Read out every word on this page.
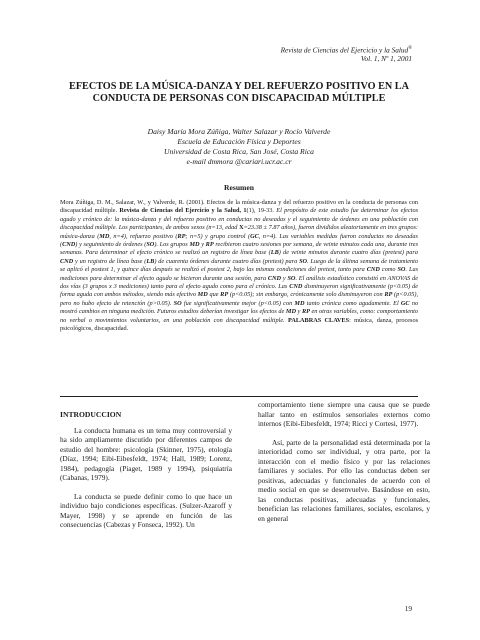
Revista de Ciencias del Ejercicio y la Salud®
Vol. 1, Nº 1, 2001
EFECTOS DE LA MÚSICA-DANZA Y DEL REFUERZO POSITIVO EN LA CONDUCTA DE PERSONAS CON DISCAPACIDAD MÚLTIPLE
Daisy María Mora Zúñiga, Walter Salazar y Rocío Valverde
Escuela de Educación Física y Deportes
Universidad de Costa Rica, San José, Costa Rica
e-mail dmmora @cariari.ucr.ac.cr
Resumen

Mora Zúñiga, D. M., Salazar, W., y Valverde, R. (2001). Efectos de la música-danza y del refuerzo positivo en la conducta de personas con discapacidad múltiple. Revista de Ciencias del Ejercicio y la Salud, 1(1), 19-33. El propósito de este estudio fue determinar los efectos agudo y crónico de: la música-danza y del refuerzo positivo en conductas no deseadas y el seguimiento de órdenes en una población con discapacidad múltiple. Los participantes, de ambos sexos (n=13, edad X=23.38 ± 7.87 años), fueron divididos aleatoriamente en tres grupos: música-danza (MD, n=4), refuerzo positivo (RP; n=5) y grupo control (GC, n=4). Las variables medidas fueron conductas no deseadas (CND) y seguimiento de órdenes (SO). Los grupos MD y RP recibieron cuatro sesiones por semana, de veinte minutos cada una, durante tres semanas. Para determinar el efecto crónico se realizó un registro de línea base (LB) de veinte minutos durante cuatro días (pretest) para CND y un registro de línea base (LB) de cuarenta órdenes durante cuatro días (pretest) para SO. Luego de la última semana de tratamiento se aplicó el postest 1, y quince días después se realizó el postest 2, bajo las mismas condiciones del pretest, tanto para CND como SO. Las mediciones para determinar el efecto agudo se hicieron durante una sesión, para CND y SO. El análisis estadístico consistió en ANOVAS de dos vías (3 grupos x 3 mediciones) tanto para el efecto agudo como para el crónico. Las CND disminuyeron significativamente (p<0.05) de forma aguda con ambos métodos, siendo más efectivo MD que RP (p<0.05); sin embargo, crónicamente solo disminuyeron con RP (p<0.05), pero no hubo efecto de retención (p>0.05). SO fue significativamente mejor (p<0.05) con MD tanto crónica como agudamente. El GC no mostró cambios en ninguna medición. Futuros estudios deberían investigar los efectos de MD y RP en otras variables, como: comportamiento no verbal o movimientos voluntarios, en una población con discapacidad múltiple. PALABRAS CLAVES: música, danza, procesos psicológicos, discapacidad.

INTRODUCCION

La conducta humana es un tema muy controversial y ha sido ampliamente discutido por diferentes campos de estudio del hombre: psicología (Skinner, 1975), etología (Díaz, 1994; Eibi-Eibesfeldt, 1974; Hall, 1989; Lorenz, 1984), pedagogía (Piaget, 1989 y 1994), psiquiatría (Cabanas, 1979).

La conducta se puede definir como lo que hace un individuo bajo condiciones específicas. (Sulzer-Azaroff y Mayer, 1998) y se aprende en función de las consecuencias (Cabezas y Fonseca, 1992). Un

comportamiento tiene siempre una causa que se puede hallar tanto en estímulos sensoriales externos como internos (Eibi-Eibesfeldt, 1974; Ricci y Cortesi, 1977).

Así, parte de la personalidad está determinada por la interioridad como ser individual, y otra parte, por la interacción con el medio físico y por las relaciones familiares y sociales. Por ello las conductas deben ser positivas, adecuadas y funcionales de acuerdo con el medio social en que se desenvuelve. Basándose en esto, las conductas positivas, adecuadas y funcionales, benefician las relaciones familiares, sociales, escolares, y en general

19
